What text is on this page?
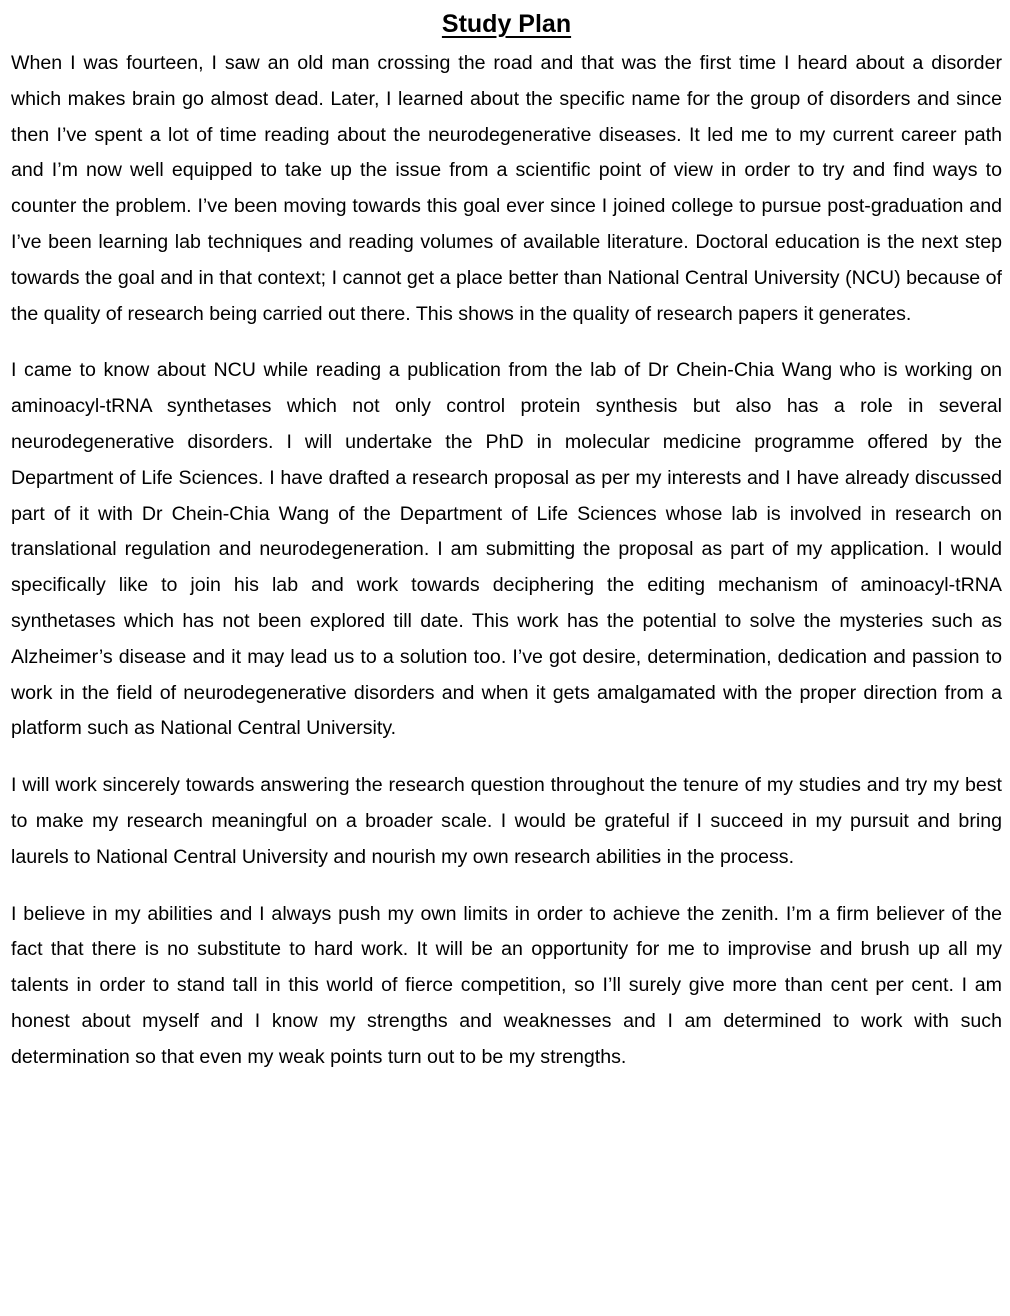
Study Plan

When I was fourteen, I saw an old man crossing the road and that was the first time I heard about a disorder which makes brain go almost dead. Later, I learned about the specific name for the group of disorders and since then I’ve spent a lot of time reading about the neurodegenerative diseases. It led me to my current career path and I’m now well equipped to take up the issue from a scientific point of view in order to try and find ways to counter the problem. I’ve been moving towards this goal ever since I joined college to pursue post-graduation and I’ve been learning lab techniques and reading volumes of available literature. Doctoral education is the next step towards the goal and in that context; I cannot get a place better than National Central University (NCU) because of the quality of research being carried out there. This shows in the quality of research papers it generates.

I came to know about NCU while reading a publication from the lab of Dr Chein-Chia Wang who is working on aminoacyl-tRNA synthetases which not only control protein synthesis but also has a role in several neurodegenerative disorders. I will undertake the PhD in molecular medicine programme offered by the Department of Life Sciences. I have drafted a research proposal as per my interests and I have already discussed part of it with Dr Chein-Chia Wang of the Department of Life Sciences whose lab is involved in research on translational regulation and neurodegeneration. I am submitting the proposal as part of my application. I would specifically like to join his lab and work towards deciphering the editing mechanism of aminoacyl-tRNA synthetases which has not been explored till date. This work has the potential to solve the mysteries such as Alzheimer’s disease and it may lead us to a solution too. I’ve got desire, determination, dedication and passion to work in the field of neurodegenerative disorders and when it gets amalgamated with the proper direction from a platform such as National Central University.

I will work sincerely towards answering the research question throughout the tenure of my studies and try my best to make my research meaningful on a broader scale. I would be grateful if I succeed in my pursuit and bring laurels to National Central University and nourish my own research abilities in the process.

I believe in my abilities and I always push my own limits in order to achieve the zenith. I’m a firm believer of the fact that there is no substitute to hard work. It will be an opportunity for me to improvise and brush up all my talents in order to stand tall in this world of fierce competition, so I’ll surely give more than cent per cent. I am honest about myself and I know my strengths and weaknesses and I am determined to work with such determination so that even my weak points turn out to be my strengths.
